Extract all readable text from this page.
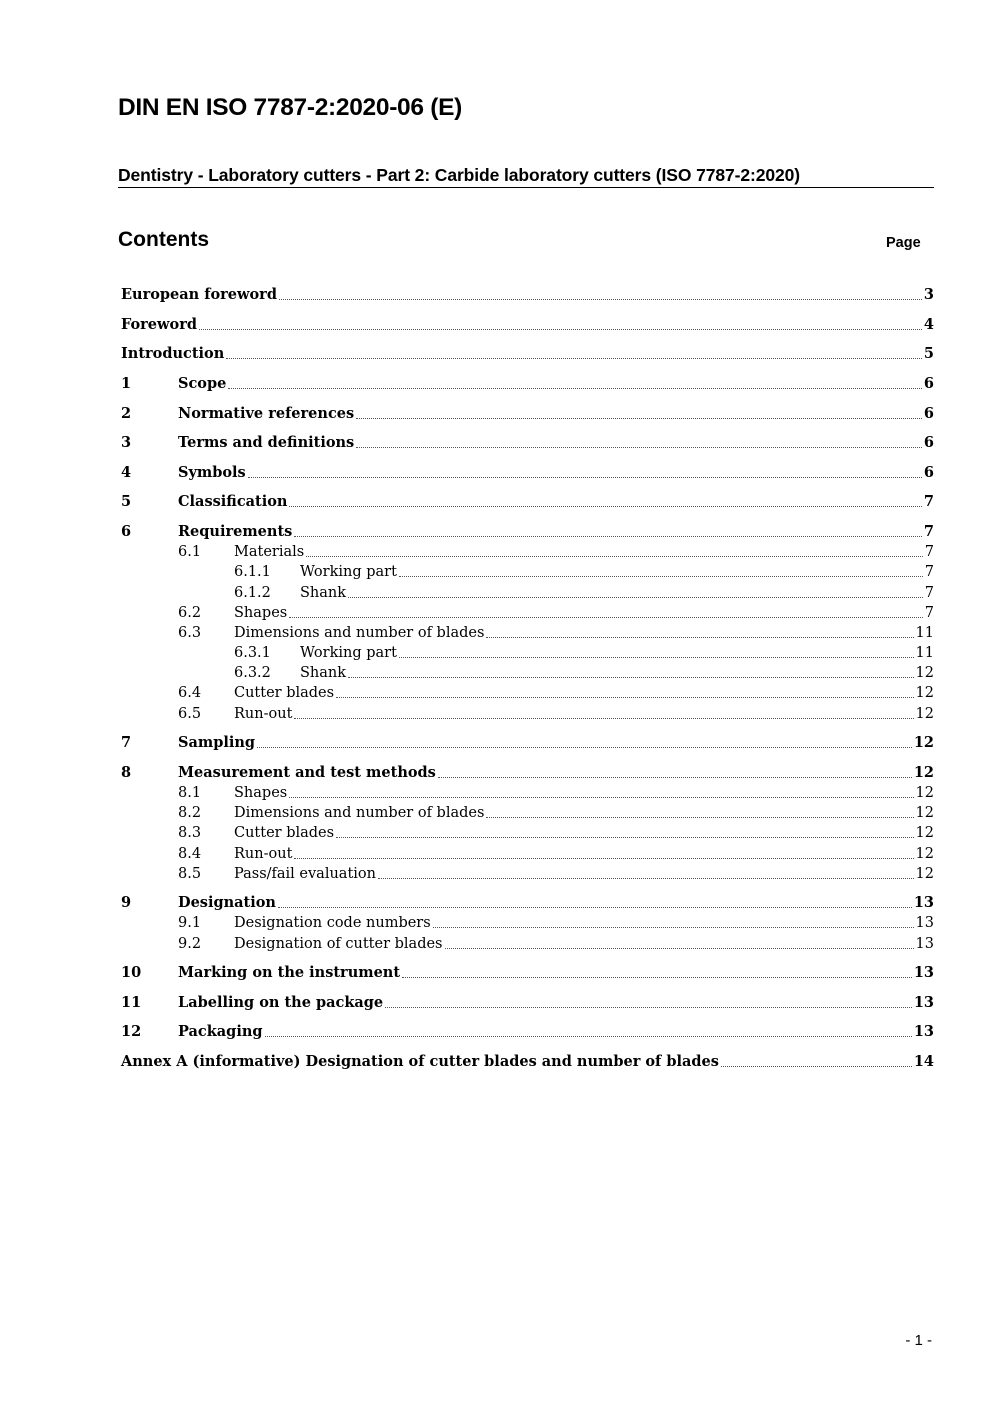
DIN EN ISO 7787-2:2020-06 (E)
Dentistry - Laboratory cutters - Part 2: Carbide laboratory cutters (ISO 7787-2:2020)
Contents	Page
European foreword	3
Foreword	4
Introduction	5
1	Scope	6
2	Normative references	6
3	Terms and definitions	6
4	Symbols	6
5	Classification	7
6	Requirements	7
6.1	Materials	7
6.1.1	Working part	7
6.1.2	Shank	7
6.2	Shapes	7
6.3	Dimensions and number of blades	11
6.3.1	Working part	11
6.3.2	Shank	12
6.4	Cutter blades	12
6.5	Run-out	12
7	Sampling	12
8	Measurement and test methods	12
8.1	Shapes	12
8.2	Dimensions and number of blades	12
8.3	Cutter blades	12
8.4	Run-out	12
8.5	Pass/fail evaluation	12
9	Designation	13
9.1	Designation code numbers	13
9.2	Designation of cutter blades	13
10	Marking on the instrument	13
11	Labelling on the package	13
12	Packaging	13
Annex A (informative) Designation of cutter blades and number of blades	14
- 1 -
